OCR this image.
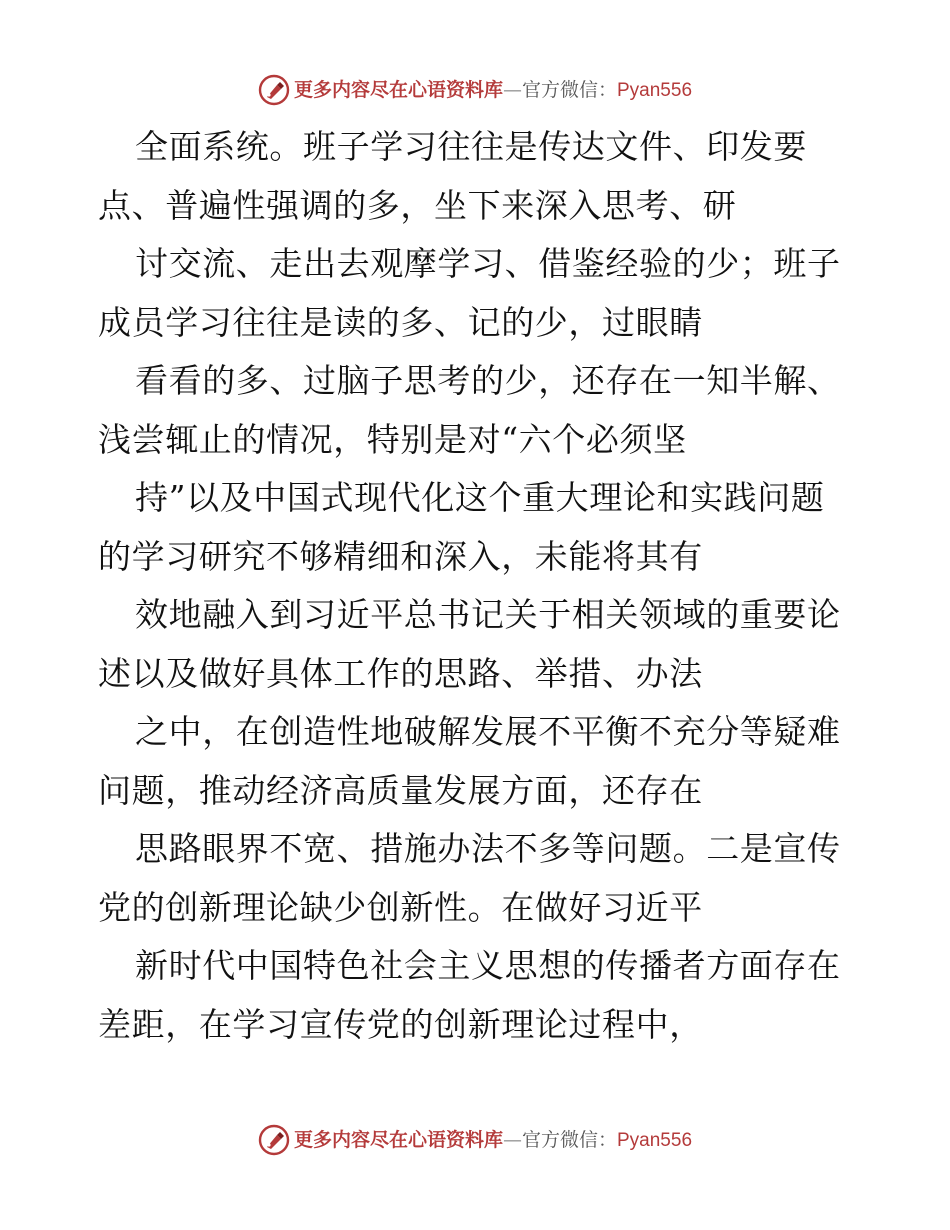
更多内容尽在心语资料库 — 官方微信： Pyan556
全面系统。班子学习往往是传达文件、印发要
点、普遍性强调的多，坐下来深入思考、研
讨交流、走出去观摩学习、借鉴经验的少；班子
成员学习往往是读的多、记的少，过眼睛
看看的多、过脑子思考的少，还存在一知半解、
浅尝辄止的情况，特别是对“六个必须坚
持”以及中国式现代化这个重大理论和实践问题
的学习研究不够精细和深入，未能将其有
效地融入到习近平总书记关于相关领域的重要论
述以及做好具体工作的思路、举措、办法
之中，在创造性地破解发展不平衡不充分等疑难
问题，推动经济高质量发展方面，还存在
思路眼界不宽、措施办法不多等问题。二是宣传
党的创新理论缺少创新性。在做好习近平
新时代中国特色社会主义思想的传播者方面存在
差距，在学习宣传党的创新理论过程中，
更多内容尽在心语资料库 — 官方微信： Pyan556
